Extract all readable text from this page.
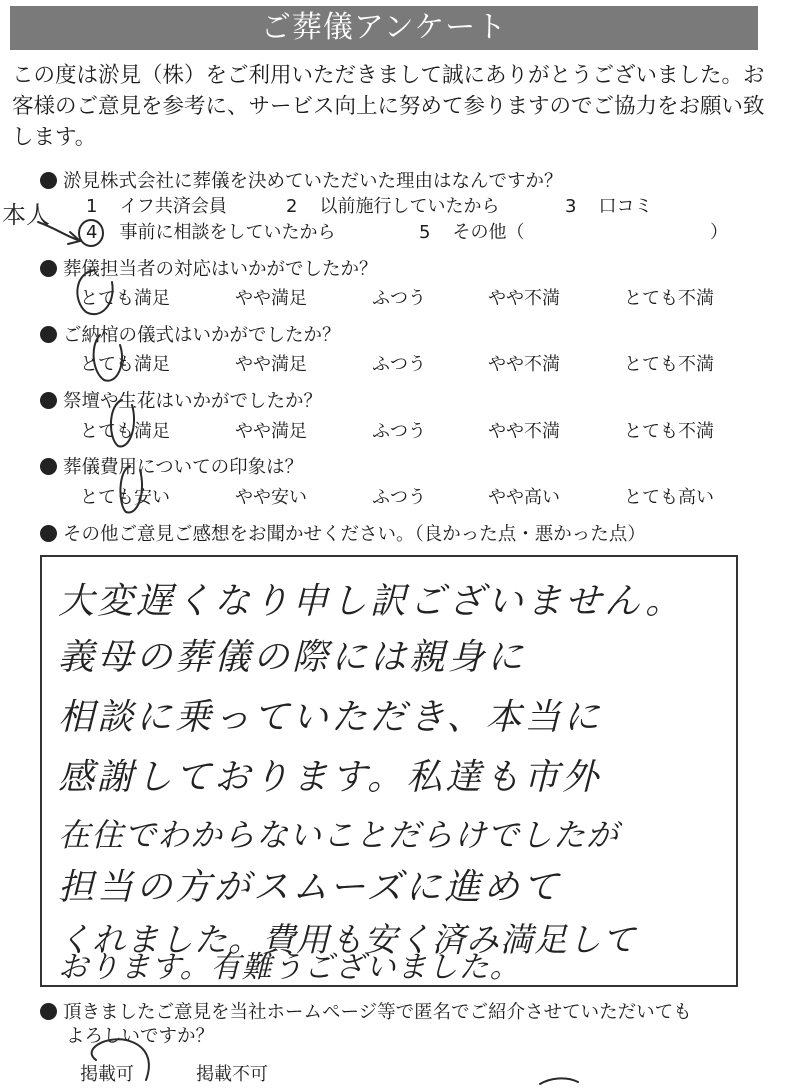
ご葬儀アンケート
この度は淤見（株）をご利用いただきまして誠にありがとうございました。お客様のご意見を参考に、サービス向上に努めて参りますのでご協力をお願い致します。
淤見株式会社に葬儀を決めていただいた理由はなんですか？
本人 1 イフ共済会員	2 以前施行していたから	3 口コミ
4 事前に相談をしていたから	5 その他（	）
葬儀担当者の対応はいかがでしたか？
とても満足	やや満足	ふつう	やや不満	とても不満
ご納棺の儀式はいかがでしたか？
とても満足	やや満足	ふつう	やや不満	とても不満
祭壇や生花はいかがでしたか？
とても満足	やや満足	ふつう	やや不満	とても不満
葬儀費用についての印象は？
とても安い	やや安い	ふつう	やや高い	とても高い
その他ご意見ご感想をお聞かせください。（良かった点・悪かった点）
大変遅くなり申し訳ございません。
義母の葬儀の際には親身に
相談に乗っていただき、本当に
感謝しております。私達も市外
在住でわからないことだらけでしたが
担当の方がスムーズに進めて
くれました。費用も安く済み満足して
おります。有難うございました。
頂きましたご意見を当社ホームページ等で匿名でご紹介させていただいても
よろしいですか？
掲載可	掲載不可
